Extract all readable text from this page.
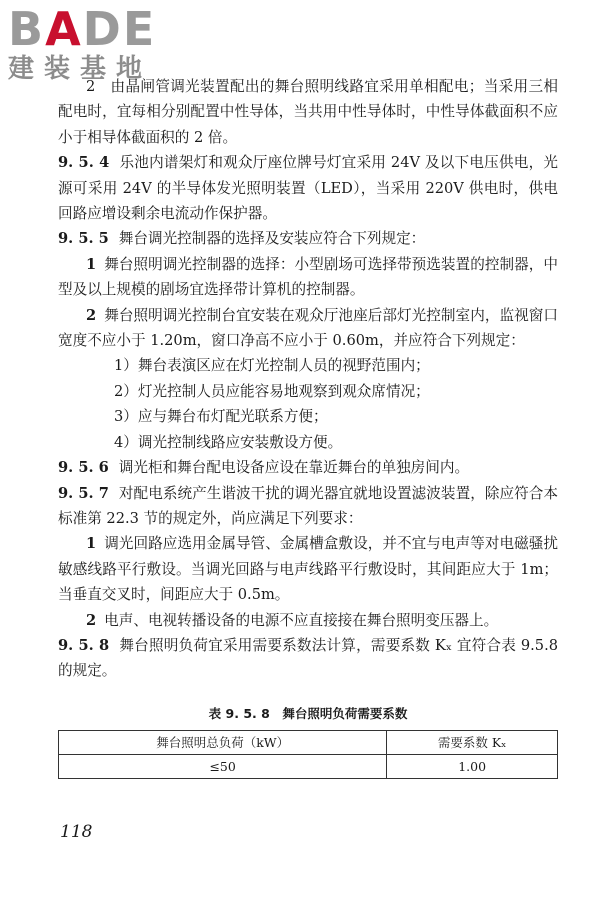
BADE
建装基地

2　由晶闸管调光装置配出的舞台照明线路宜采用单相配电；当采用三相配电时，宜每相分别配置中性导体，当共用中性导体时，中性导体截面积不应小于相导体截面积的 2 倍。

9. 5. 4 乐池内谱架灯和观众厅座位牌号灯宜采用 24V 及以下电压供电，光源可采用 24V 的半导体发光照明装置（LED），当采用 220V 供电时，供电回路应增设剩余电流动作保护器。

9. 5. 5 舞台调光控制器的选择及安装应符合下列规定：

1 舞台照明调光控制器的选择：小型剧场可选择带预选装置的控制器，中型及以上规模的剧场宜选择带计算机的控制器。

2 舞台照明调光控制台宜安装在观众厅池座后部灯光控制室内，监视窗口宽度不应小于 1.20m，窗口净高不应小于 0.60m，并应符合下列规定：

1）舞台表演区应在灯光控制人员的视野范围内；

2）灯光控制人员应能容易地观察到观众席情况；

3）应与舞台布灯配光联系方便；

4）调光控制线路应安装敷设方便。

9. 5. 6 调光柜和舞台配电设备应设在靠近舞台的单独房间内。

9. 5. 7 对配电系统产生谐波干扰的调光器宜就地设置滤波装置，除应符合本标准第 22.3 节的规定外，尚应满足下列要求：

1 调光回路应选用金属导管、金属槽盒敷设，并不宜与电声等对电磁骚扰敏感线路平行敷设。当调光回路与电声线路平行敷设时，其间距应大于 1m；当垂直交叉时，间距应大于 0.5m。

2 电声、电视转播设备的电源不应直接接在舞台照明变压器上。

9. 5. 8 舞台照明负荷宜采用需要系数法计算，需要系数 Kₓ 宜符合表 9.5.8 的规定。

表 9. 5. 8　舞台照明负荷需要系数
舞台照明总负荷（kW）	需要系数 Kₓ
≤50	1.00
118
